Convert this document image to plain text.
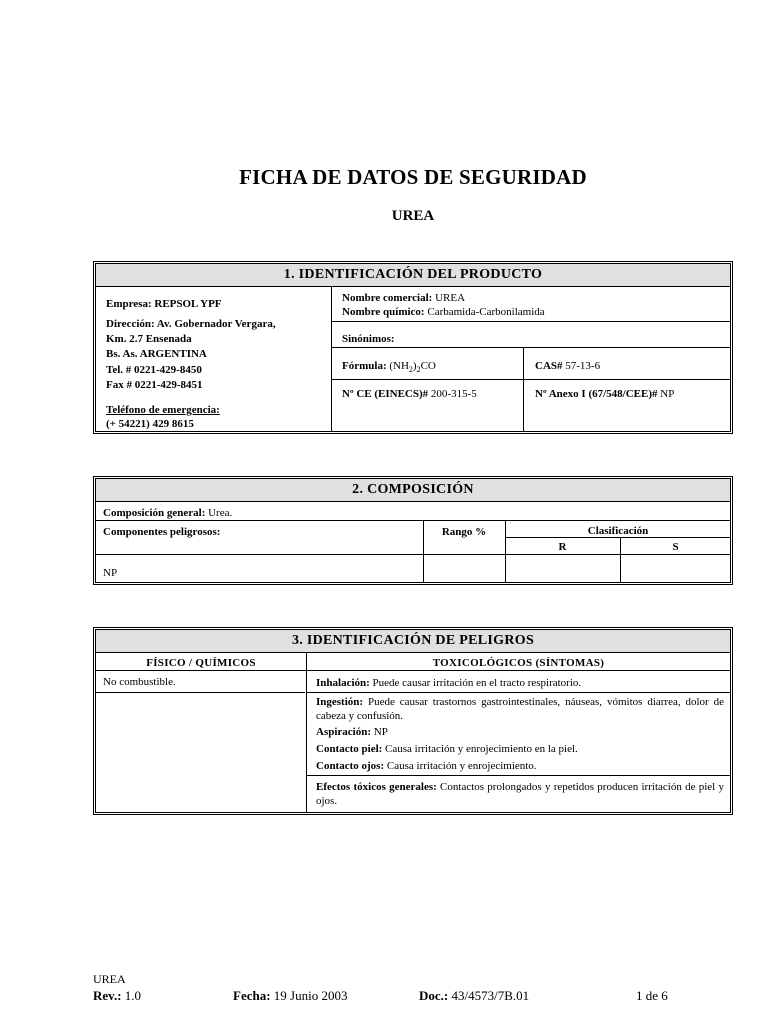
FICHA DE DATOS DE SEGURIDAD
UREA
1. IDENTIFICACIÓN DEL PRODUCTO
Empresa: REPSOL YPF
Dirección: Av. Gobernador Vergara,
Km. 2.7 Ensenada
Bs. As. ARGENTINA
Tel. # 0221-429-8450
Fax # 0221-429-8451
Teléfono de emergencia:
(+ 54221) 429 8615
Nombre comercial: UREA
Nombre químico: Carbamida-Carbonilamida
Sinónimos:
Fórmula: $(NH_2)_2CO$	CAS# 57-13-6
Nº CE (EINECS)# 200-315-5	Nº Anexo I (67/548/CEE)# NP
2. COMPOSICIÓN
Composición general: Urea.
Componentes peligrosos:	Rango %	Clasificación
R	S
NP
3. IDENTIFICACIÓN DE PELIGROS
FÍSICO / QUÍMICOS	TOXICOLÓGICOS (SÍNTOMAS)
No combustible.	Inhalación: Puede causar irritación en el tracto respiratorio.
Ingestión: Puede causar trastornos gastrointestinales, náuseas, vómitos diarrea, dolor de cabeza y confusión.
Aspiración: NP
Contacto piel: Causa irritación y enrojecimiento en la piel.
Contacto ojos: Causa irritación y enrojecimiento.
Efectos tóxicos generales: Contactos prolongados y repetidos producen irritación de piel y ojos.
UREA
Rev.: 1.0	Fecha: 19 Junio 2003	Doc.: 43/4573/7B.01	1 de 6
